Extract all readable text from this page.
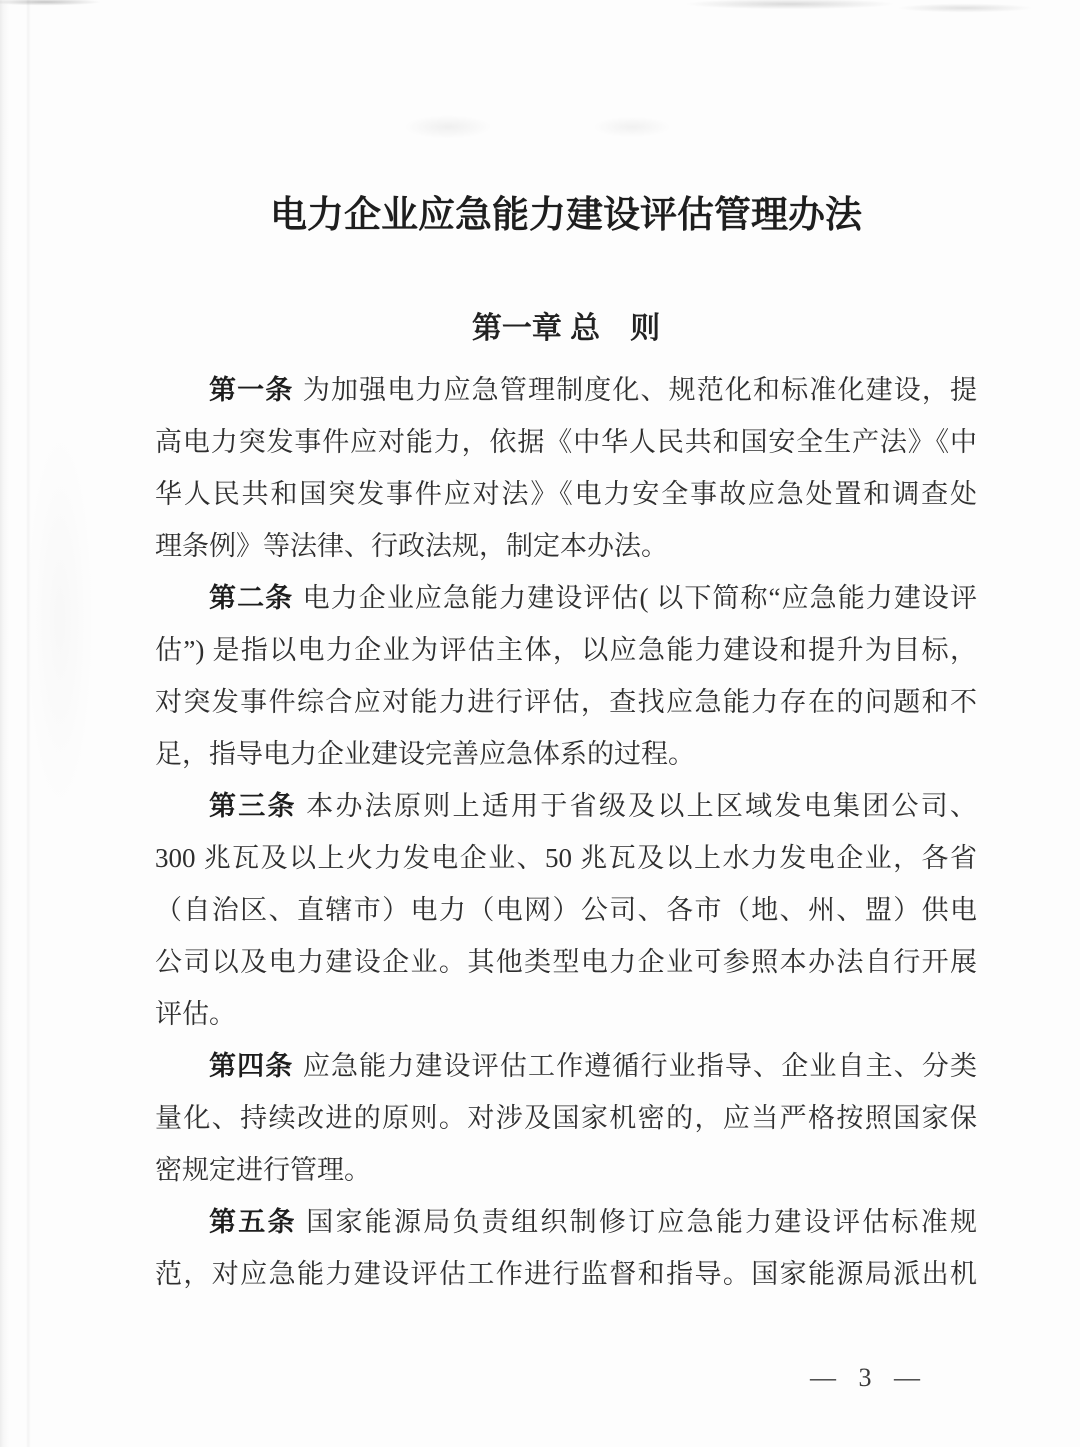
电力企业应急能力建设评估管理办法
第一章 总　则
第一条 为加强电力应急管理制度化、规范化和标准化建设，提
高电力突发事件应对能力，依据《中华人民共和国安全生产法》《中
华人民共和国突发事件应对法》《电力安全事故应急处置和调查处
理条例》等法律、行政法规，制定本办法。
第二条 电力企业应急能力建设评估( 以下简称“应急能力建设评
估”) 是指以电力企业为评估主体，以应急能力建设和提升为目标，
对突发事件综合应对能力进行评估，查找应急能力存在的问题和不
足，指导电力企业建设完善应急体系的过程。
第三条 本办法原则上适用于省级及以上区域发电集团公司、
300 兆瓦及以上火力发电企业、50 兆瓦及以上水力发电企业，各省
（自治区、直辖市）电力（电网）公司、各市（地、州、盟）供电
公司以及电力建设企业。其他类型电力企业可参照本办法自行开展
评估。
第四条 应急能力建设评估工作遵循行业指导、企业自主、分类
量化、持续改进的原则。对涉及国家机密的，应当严格按照国家保
密规定进行管理。
第五条 国家能源局负责组织制修订应急能力建设评估标准规
范，对应急能力建设评估工作进行监督和指导。国家能源局派出机
— 3 —
